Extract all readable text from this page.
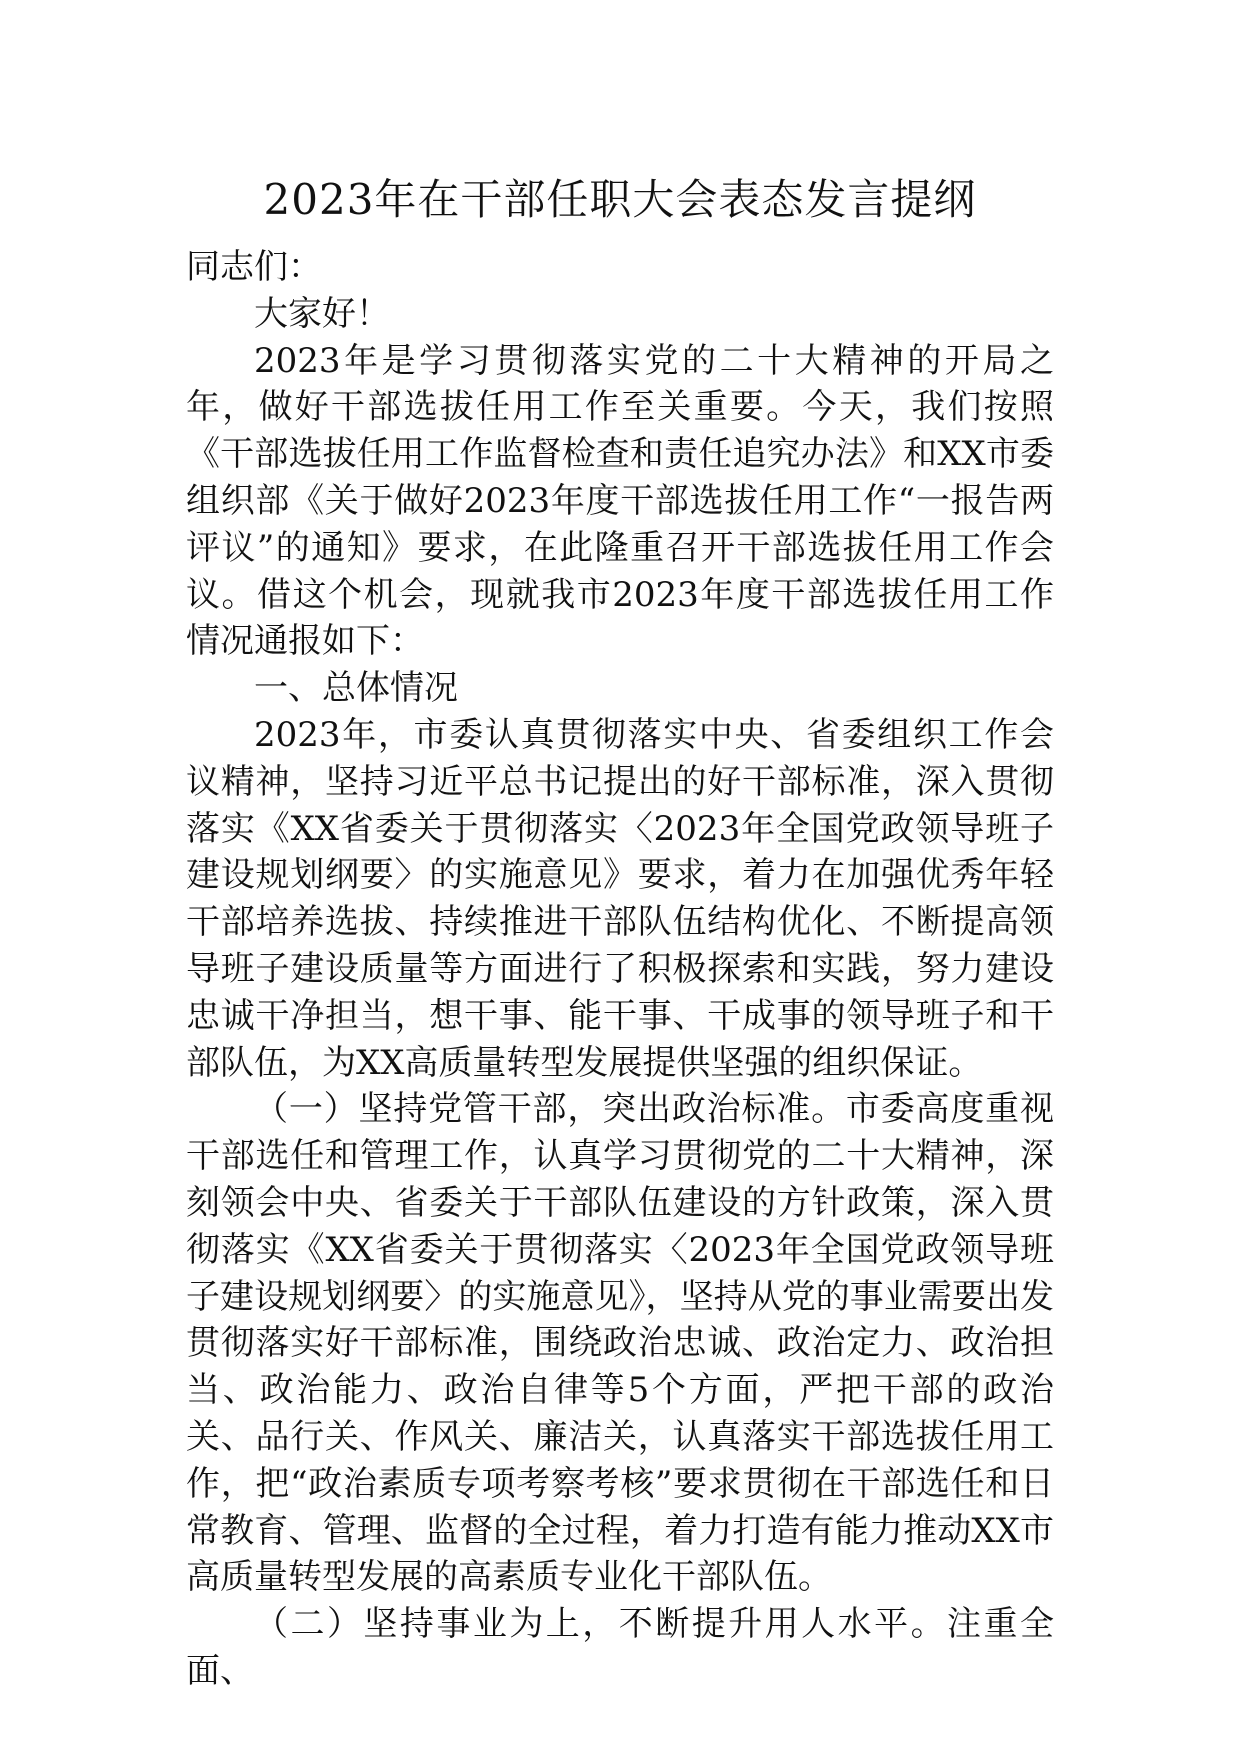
2023年在干部任职大会表态发言提纲

同志们：

大家好！

2023年是学习贯彻落实党的二十大精神的开局之年，做好干部选拔任用工作至关重要。今天，我们按照《干部选拔任用工作监督检查和责任追究办法》和XX市委组织部《关于做好2023年度干部选拔任用工作“一报告两评议”的通知》要求，在此隆重召开干部选拔任用工作会议。借这个机会，现就我市2023年度干部选拔任用工作情况通报如下：

一、总体情况

2023年，市委认真贯彻落实中央、省委组织工作会议精神，坚持习近平总书记提出的好干部标准，深入贯彻落实《XX省委关于贯彻落实〈2023年全国党政领导班子建设规划纲要〉的实施意见》要求，着力在加强优秀年轻干部培养选拔、持续推进干部队伍结构优化、不断提高领导班子建设质量等方面进行了积极探索和实践，努力建设忠诚干净担当，想干事、能干事、干成事的领导班子和干部队伍，为XX高质量转型发展提供坚强的组织保证。

（一）坚持党管干部，突出政治标准。市委高度重视干部选任和管理工作，认真学习贯彻党的二十大精神，深刻领会中央、省委关于干部队伍建设的方针政策，深入贯彻落实《XX省委关于贯彻落实〈2023年全国党政领导班子建设规划纲要〉的实施意见》，坚持从党的事业需要出发贯彻落实好干部标准，围绕政治忠诚、政治定力、政治担当、政治能力、政治自律等5个方面，严把干部的政治关、品行关、作风关、廉洁关，认真落实干部选拔任用工作，把“政治素质专项考察考核”要求贯彻在干部选任和日常教育、管理、监督的全过程，着力打造有能力推动XX市高质量转型发展的高素质专业化干部队伍。

（二）坚持事业为上，不断提升用人水平。注重全面、
